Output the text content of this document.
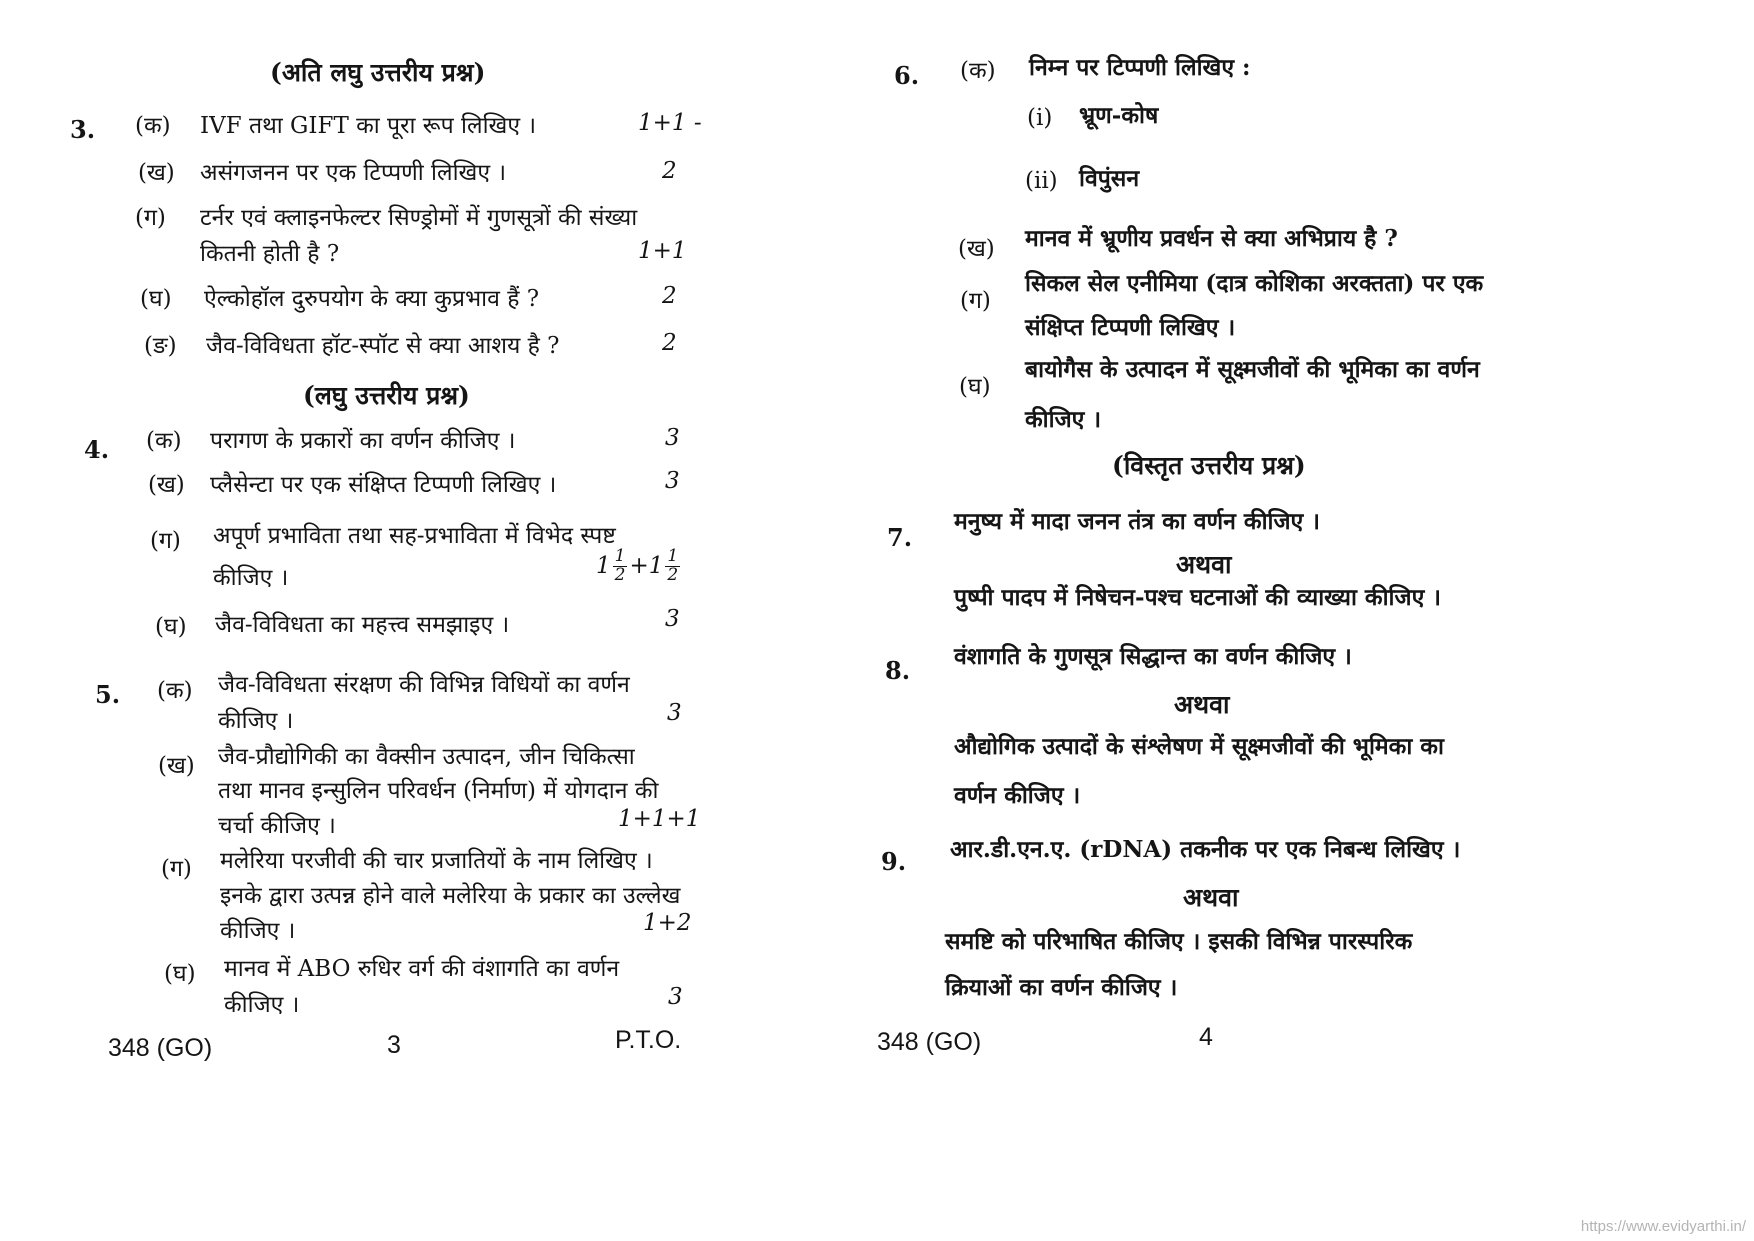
(अति लघु उत्तरीय प्रश्न)
3. (क) IVF तथा GIFT का पूरा रूप लिखिए ।	1+1 -
(ख) असंगजनन पर एक टिप्पणी लिखिए ।	2
(ग) टर्नर एवं क्लाइनफेल्टर सिण्ड्रोमों में गुणसूत्रों की संख्या
कितनी होती है ?	1+1
(घ) ऐल्कोहॉल दुरुपयोग के क्या कुप्रभाव हैं ?	2
(ङ) जैव-विविधता हॉट-स्पॉट से क्या आशय है ?	2
(लघु उत्तरीय प्रश्न)
4. (क) परागण के प्रकारों का वर्णन कीजिए ।	3
(ख) प्लैसेन्टा पर एक संक्षिप्त टिप्पणी लिखिए ।	3
(ग) अपूर्ण प्रभाविता तथा सह-प्रभाविता में विभेद स्पष्ट
कीजिए ।	$1 \frac{1}{2} +1 \frac{1}{2}$
(घ) जैव-विविधता का महत्त्व समझाइए ।	3
5. (क) जैव-विविधता संरक्षण की विभिन्न विधियों का वर्णन
कीजिए ।	3
(ख) जैव-प्रौद्योगिकी का वैक्सीन उत्पादन, जीन चिकित्सा
तथा मानव इन्सुलिन परिवर्धन (निर्माण) में योगदान की
चर्चा कीजिए ।	1+1+1
(ग) मलेरिया परजीवी की चार प्रजातियों के नाम लिखिए ।
इनके द्वारा उत्पन्न होने वाले मलेरिया के प्रकार का उल्लेख
कीजिए ।	1+2
(घ) मानव में ABO रुधिर वर्ग की वंशागति का वर्णन
कीजिए ।	3
348 (GO)	3	P.T.O.
6. (क) निम्न पर टिप्पणी लिखिए :
(i) भ्रूण-कोष
(ii) विपुंसन
(ख) मानव में भ्रूणीय प्रवर्धन से क्या अभिप्राय है ?
(ग)
सिकल सेल एनीमिया (दात्र कोशिका अरक्तता) पर एक
संक्षिप्त टिप्पणी लिखिए ।
(घ)
बायोगैस के उत्पादन में सूक्ष्मजीवों की भूमिका का वर्णन
कीजिए ।
(विस्तृत उत्तरीय प्रश्न)
7.
मनुष्य में मादा जनन तंत्र का वर्णन कीजिए ।
अथवा
पुष्पी पादप में निषेचन-पश्च घटनाओं की व्याख्या कीजिए ।
8. वंशागति के गुणसूत्र सिद्धान्त का वर्णन कीजिए ।
अथवा
औद्योगिक उत्पादों के संश्लेषण में सूक्ष्मजीवों की भूमिका का
वर्णन कीजिए ।
9. आर.डी.एन.ए. (rDNA) तकनीक पर एक निबन्ध लिखिए ।
अथवा
समष्टि को परिभाषित कीजिए । इसकी विभिन्न पारस्परिक
क्रियाओं का वर्णन कीजिए ।
348 (GO)	4
https://www.evidyarthi.in/
